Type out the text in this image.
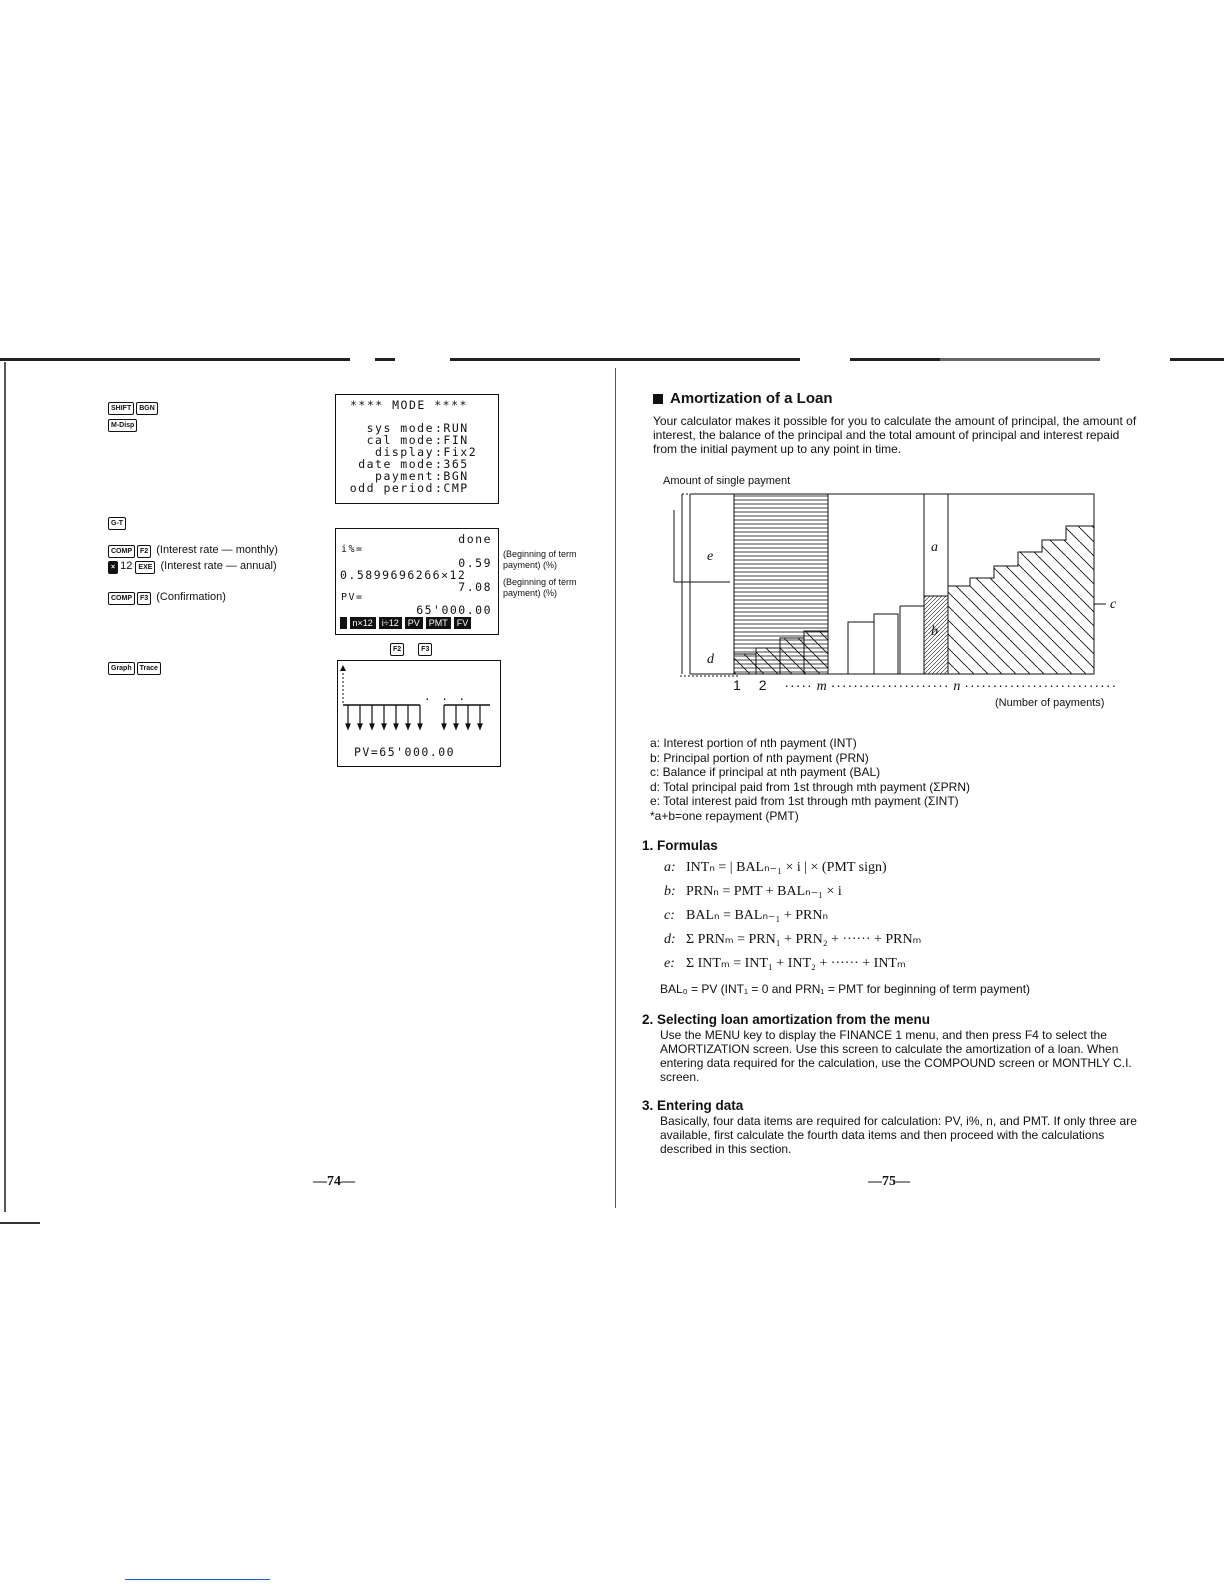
SHIFT BGN
M-Disp
G-T
COMP F2 (Interest rate — monthly)
× 12 EXE (Interest rate — annual)
COMP F3 (Confirmation)
Graph Trace
**** MODE ****
sys mode :RUN
cal mode :FIN
display :Fix2
date mode :365
payment :BGN
odd period :CMP
done
i%=
0.59
0.5899696266×12
7.08
PV=
65'000.00

n×12	i÷12	PV	PMT	FV
(Beginning of term payment) (%)
(Beginning of term payment) (%)
F2	F3
· · ·
PV=65'000.00
—74—
Amortization of a Loan
Your calculator makes it possible for you to calculate the amount of principal, the amount of interest, the balance of the principal and the total amount of principal and interest repaid from the initial payment up to any point in time.
Amount of single payment
e
d
a
b
c
1 2 ····· m ····················· n ···························
(Number of payments)
a: Interest portion of nth payment (INT)
b: Principal portion of nth payment (PRN)
c: Balance if principal at nth payment (BAL)
d: Total principal paid from 1st through mth payment (ΣPRN)
e: Total interest paid from 1st through mth payment (ΣINT)
*a+b=one repayment (PMT)
1. Formulas
a: INTₙ = | BALₙ₋₁ × i | × (PMT sign)
b: PRNₙ = PMT + BALₙ₋₁ × i
c: BALₙ = BALₙ₋₁ + PRNₙ
d: Σ PRNₘ = PRN₁ + PRN₂ + ······ + PRNₘ
e: Σ INTₘ = INT₁ + INT₂ + ······ + INTₘ
BAL₀ = PV (INT₁ = 0 and PRN₁ = PMT for beginning of term payment)
2. Selecting loan amortization from the menu
Use the MENU key to display the FINANCE 1 menu, and then press F4 to select the AMORTIZATION screen. Use this screen to calculate the amortization of a loan. When entering data required for the calculation, use the COMPOUND screen or MONTHLY C.I. screen.
3. Entering data
Basically, four data items are required for calculation: PV, i%, n, and PMT. If only three are available, first calculate the fourth data items and then proceed with the calculations described in this section.
—75—
